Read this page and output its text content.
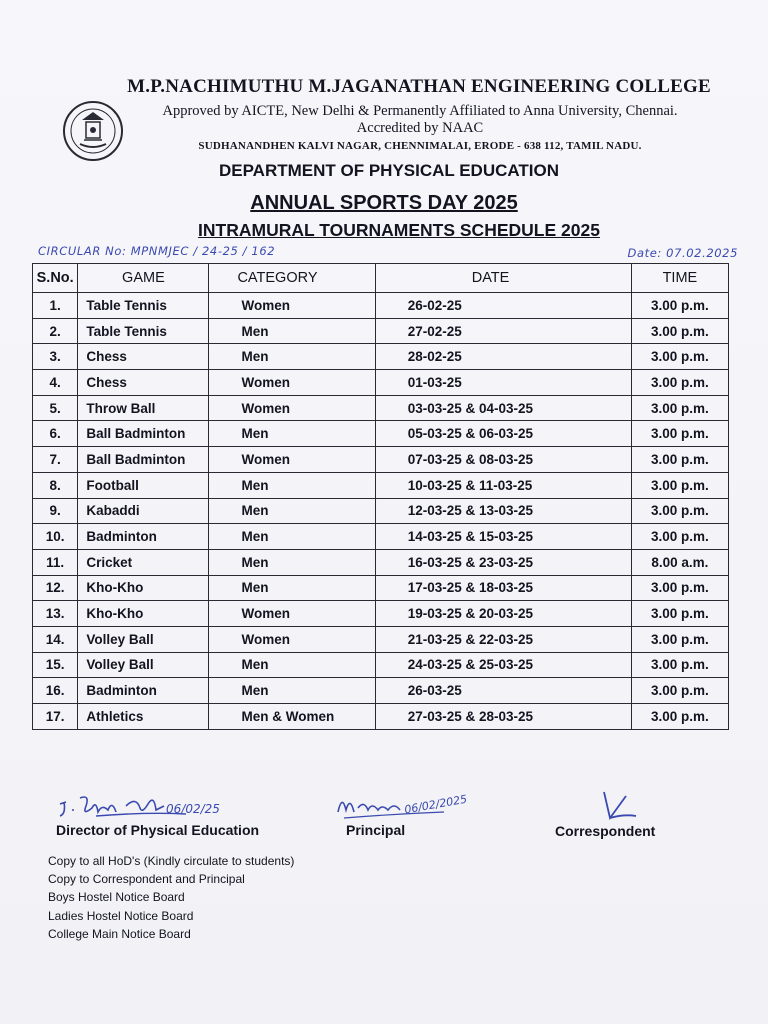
M.P.NACHIMUTHU M.JAGANATHAN ENGINEERING COLLEGE
Approved by AICTE, New Delhi & Permanently Affiliated to Anna University, Chennai.
Accredited by NAAC
SUDHANANDHEN KALVI NAGAR, CHENNIMALAI, ERODE - 638 112, TAMIL NADU.
DEPARTMENT OF PHYSICAL EDUCATION
ANNUAL SPORTS DAY 2025
INTRAMURAL TOURNAMENTS SCHEDULE 2025
CIRCULAR No: MPNMJEC / 24-25 / 162	Date: 07.02.2025
S.No.	GAME	CATEGORY	DATE	TIME
1.	Table Tennis	Women	26-02-25	3.00 p.m.
2.	Table Tennis	Men	27-02-25	3.00 p.m.
3.	Chess	Men	28-02-25	3.00 p.m.
4.	Chess	Women	01-03-25	3.00 p.m.
5.	Throw Ball	Women	03-03-25 & 04-03-25	3.00 p.m.
6.	Ball Badminton	Men	05-03-25 & 06-03-25	3.00 p.m.
7.	Ball Badminton	Women	07-03-25 & 08-03-25	3.00 p.m.
8.	Football	Men	10-03-25 & 11-03-25	3.00 p.m.
9.	Kabaddi	Men	12-03-25 & 13-03-25	3.00 p.m.
10.	Badminton	Men	14-03-25 & 15-03-25	3.00 p.m.
11.	Cricket	Men	16-03-25 & 23-03-25	8.00 a.m.
12.	Kho-Kho	Men	17-03-25 & 18-03-25	3.00 p.m.
13.	Kho-Kho	Women	19-03-25 & 20-03-25	3.00 p.m.
14.	Volley Ball	Women	21-03-25 & 22-03-25	3.00 p.m.
15.	Volley Ball	Men	24-03-25 & 25-03-25	3.00 p.m.
16.	Badminton	Men	26-03-25	3.00 p.m.
17.	Athletics	Men & Women	27-03-25 & 28-03-25	3.00 p.m.
06/02/25	06/02/2025
Director of Physical Education	Principal	Correspondent
Copy to all HoD's (Kindly circulate to students)
Copy to Correspondent and Principal
Boys Hostel Notice Board
Ladies Hostel Notice Board
College Main Notice Board
